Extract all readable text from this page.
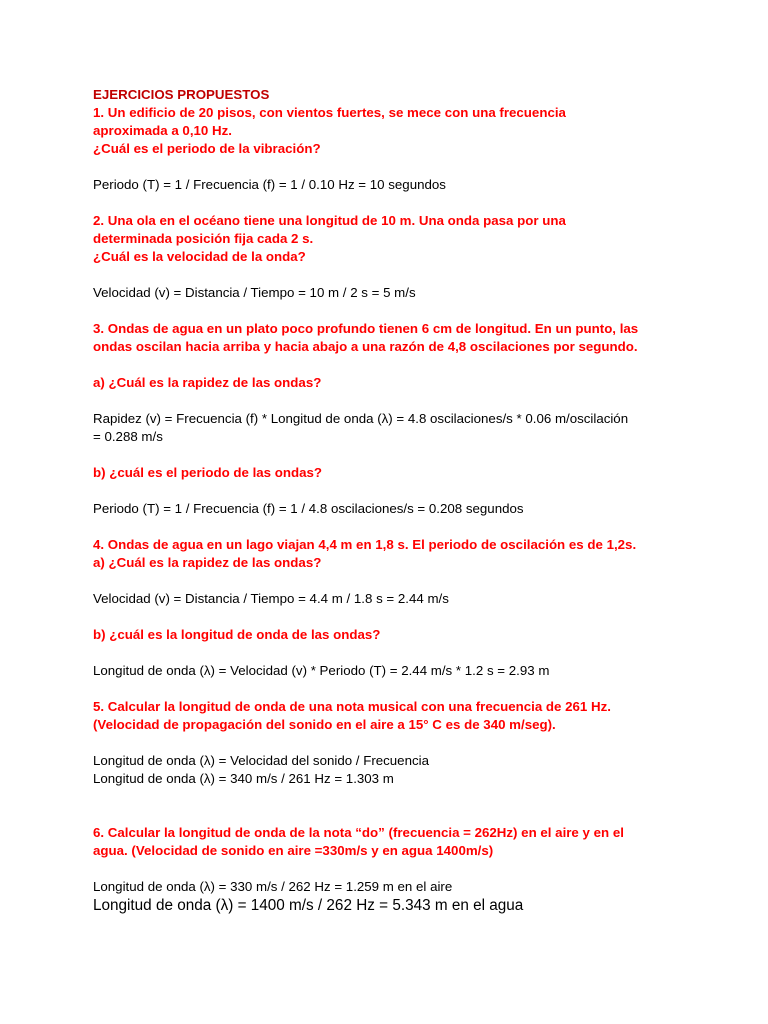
EJERCICIOS PROPUESTOS

1. Un edificio de 20 pisos, con vientos fuertes, se mece con una frecuencia

aproximada a 0,10 Hz.

¿Cuál es el periodo de la vibración?

Periodo (T) = 1 / Frecuencia (f) = 1 / 0.10 Hz = 10 segundos

2. Una ola en el océano tiene una longitud de 10 m. Una onda pasa por una

determinada posición fija cada 2 s.

¿Cuál es la velocidad de la onda?

Velocidad (v) = Distancia / Tiempo = 10 m / 2 s = 5 m/s

3. Ondas de agua en un plato poco profundo tienen 6 cm de longitud. En un punto, las

ondas oscilan hacia arriba y hacia abajo a una razón de 4,8 oscilaciones por segundo.

a) ¿Cuál es la rapidez de las ondas?

Rapidez (v) = Frecuencia (f) * Longitud de onda (λ) = 4.8 oscilaciones/s * 0.06 m/oscilación

= 0.288 m/s

b) ¿cuál es el periodo de las ondas?

Periodo (T) = 1 / Frecuencia (f) = 1 / 4.8 oscilaciones/s = 0.208 segundos

4. Ondas de agua en un lago viajan 4,4 m en 1,8 s. El periodo de oscilación es de 1,2s.

a) ¿Cuál es la rapidez de las ondas?

Velocidad (v) = Distancia / Tiempo = 4.4 m / 1.8 s = 2.44 m/s

b) ¿cuál es la longitud de onda de las ondas?

Longitud de onda (λ) = Velocidad (v) * Periodo (T) = 2.44 m/s * 1.2 s = 2.93 m

5. Calcular la longitud de onda de una nota musical con una frecuencia de 261 Hz.

(Velocidad de propagación del sonido en el aire a 15° C es de 340 m/seg).

Longitud de onda (λ) = Velocidad del sonido / Frecuencia

Longitud de onda (λ) = 340 m/s / 261 Hz = 1.303 m

6. Calcular la longitud de onda de la nota “do” (frecuencia = 262Hz) en el aire y en el

agua. (Velocidad de sonido en aire =330m/s y en agua 1400m/s)

Longitud de onda (λ) = 330 m/s / 262 Hz = 1.259 m en el aire

Longitud de onda (λ) = 1400 m/s / 262 Hz = 5.343 m en el agua
